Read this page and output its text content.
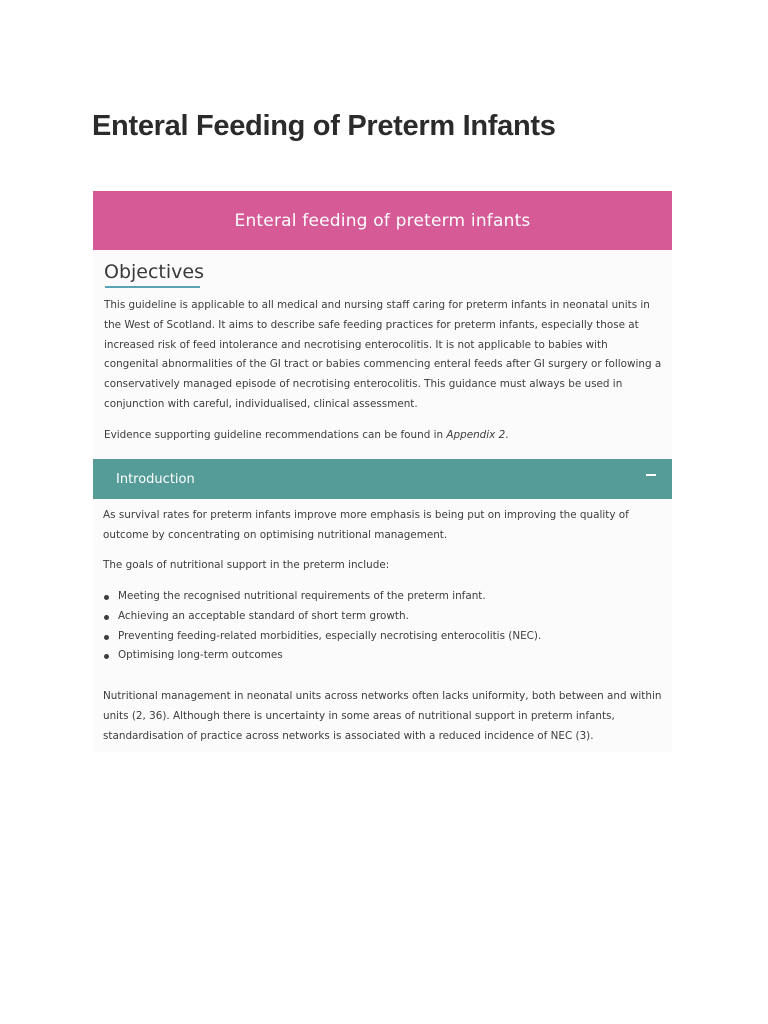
Enteral Feeding of Preterm Infants
Enteral feeding of preterm infants
Objectives

This guideline is applicable to all medical and nursing staff caring for preterm infants in neonatal units in the West of Scotland. It aims to describe safe feeding practices for preterm infants, especially those at increased risk of feed intolerance and necrotising enterocolitis. It is not applicable to babies with congenital abnormalities of the GI tract or babies commencing enteral feeds after GI surgery or following a conservatively managed episode of necrotising enterocolitis. This guidance must always be used in conjunction with careful, individualised, clinical assessment.

Evidence supporting guideline recommendations can be found in Appendix 2.

Introduction

As survival rates for preterm infants improve more emphasis is being put on improving the quality of outcome by concentrating on optimising nutritional management.

The goals of nutritional support in the preterm include:

Meeting the recognised nutritional requirements of the preterm infant.
Achieving an acceptable standard of short term growth.
Preventing feeding-related morbidities, especially necrotising enterocolitis (NEC).
Optimising long-term outcomes

Nutritional management in neonatal units across networks often lacks uniformity, both between and within units (2, 36). Although there is uncertainty in some areas of nutritional support in preterm infants, standardisation of practice across networks is associated with a reduced incidence of NEC (3).
